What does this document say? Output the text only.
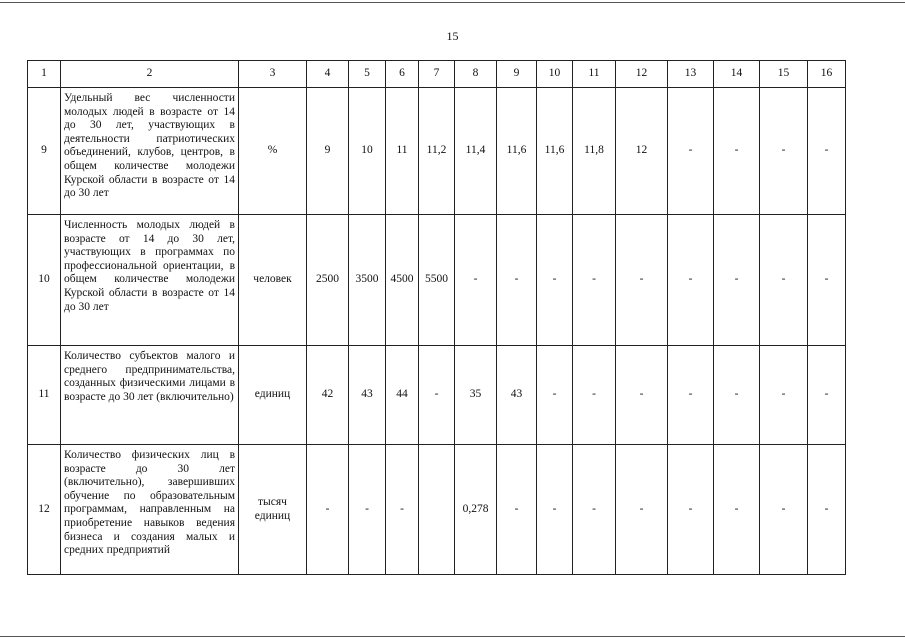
15
1	2	3	4	5	6	7	8	9	10	11	12	13	14	15	16
9	Удельный вес численности молодых людей в возрасте от 14 до 30 лет, участвующих в деятельности патриотических объединений, клубов, центров, в общем количестве молодежи Курской области в возрасте от 14 до 30 лет	%	9	10	11	11,2	11,4	11,6	11,6	11,8	12	-	-	-	-
10	Численность молодых людей в возрасте от 14 до 30 лет, участвующих в программах по профессиональной ориентации, в общем количестве молодежи Курской области в возрасте от 14 до 30 лет	человек	2500	3500	4500	5500	-	-	-	-	-	-	-	-	-
11	Количество субъектов малого и среднего предпринимательства, созданных физическими лицами в возрасте до 30 лет (включительно)	единиц	42	43	44	-	35	43	-	-	-	-	-	-	-
12	Количество физических лиц в возрасте до 30 лет (включительно), завершивших обучение по образовательным программам, направленным на приобретение навыков ведения бизнеса и создания малых и средних предприятий	тысяч единиц	-	-	-		0,278	-	-	-	-	-	-	-	-
